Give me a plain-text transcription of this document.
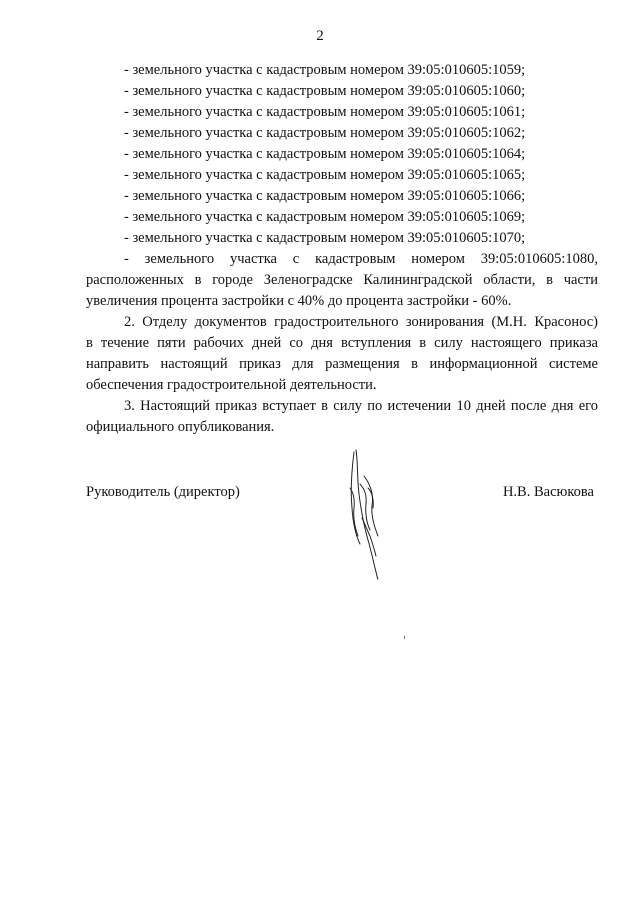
2
- земельного участка с кадастровым номером 39:05:010605:1059;
- земельного участка с кадастровым номером 39:05:010605:1060;
- земельного участка с кадастровым номером 39:05:010605:1061;
- земельного участка с кадастровым номером 39:05:010605:1062;
- земельного участка с кадастровым номером 39:05:010605:1064;
- земельного участка с кадастровым номером 39:05:010605:1065;
- земельного участка с кадастровым номером 39:05:010605:1066;
- земельного участка с кадастровым номером 39:05:010605:1069;
- земельного участка с кадастровым номером 39:05:010605:1070;
- земельного участка с кадастровым номером 39:05:010605:1080,
расположенных в городе Зеленоградске Калининградской области, в части
увеличения процента застройки с 40% до процента застройки - 60%.
2. Отделу документов градостроительного зонирования (М.Н. Красонос)
в течение пяти рабочих дней со дня вступления в силу настоящего приказа
направить настоящий приказ для размещения в информационной системе
обеспечения градостроительной деятельности.
3. Настоящий приказ вступает в силу по истечении 10 дней после дня его
официального опубликования.
Руководитель (директор)	Н.В. Васюкова
